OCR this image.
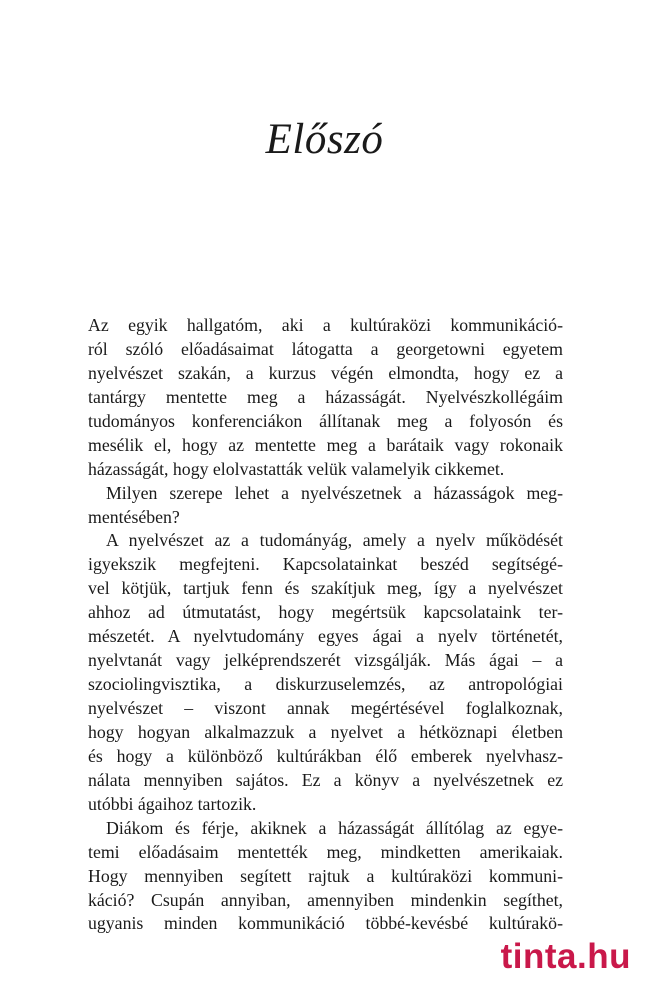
Előszó
Az egyik hallgatóm, aki a kultúraközi kommunikáció-
ról szóló előadásaimat látogatta a georgetowni egyetem
nyelvészet szakán, a kurzus végén elmondta, hogy ez a
tantárgy mentette meg a házasságát. Nyelvészkollégáim
tudományos konferenciákon állítanak meg a folyosón és
mesélik el, hogy az mentette meg a barátaik vagy rokonaik
házasságát, hogy elolvastatták velük valamelyik cikkemet.
Milyen szerepe lehet a nyelvészetnek a házasságok meg-
mentésében?
A nyelvészet az a tudományág, amely a nyelv működését
igyekszik megfejteni. Kapcsolatainkat beszéd segítségé-
vel kötjük, tartjuk fenn és szakítjuk meg, így a nyelvészet
ahhoz ad útmutatást, hogy megértsük kapcsolataink ter-
mészetét. A nyelvtudomány egyes ágai a nyelv történetét,
nyelvtanát vagy jelképrendszerét vizsgálják. Más ágai – a
szociolingvisztika, a diskurzuselemzés, az antropológiai
nyelvészet – viszont annak megértésével foglalkoznak,
hogy hogyan alkalmazzuk a nyelvet a hétköznapi életben
és hogy a különböző kultúrákban élő emberek nyelvhasz-
nálata mennyiben sajátos. Ez a könyv a nyelvészetnek ez
utóbbi ágaihoz tartozik.
Diákom és férje, akiknek a házasságát állítólag az egye-
temi előadásaim mentették meg, mindketten amerikaiak.
Hogy mennyiben segített rajtuk a kultúraközi kommuni-
káció? Csupán annyiban, amennyiben mindenkin segíthet,
ugyanis minden kommunikáció többé-kevésbé kultúrakö-
tinta.hu
